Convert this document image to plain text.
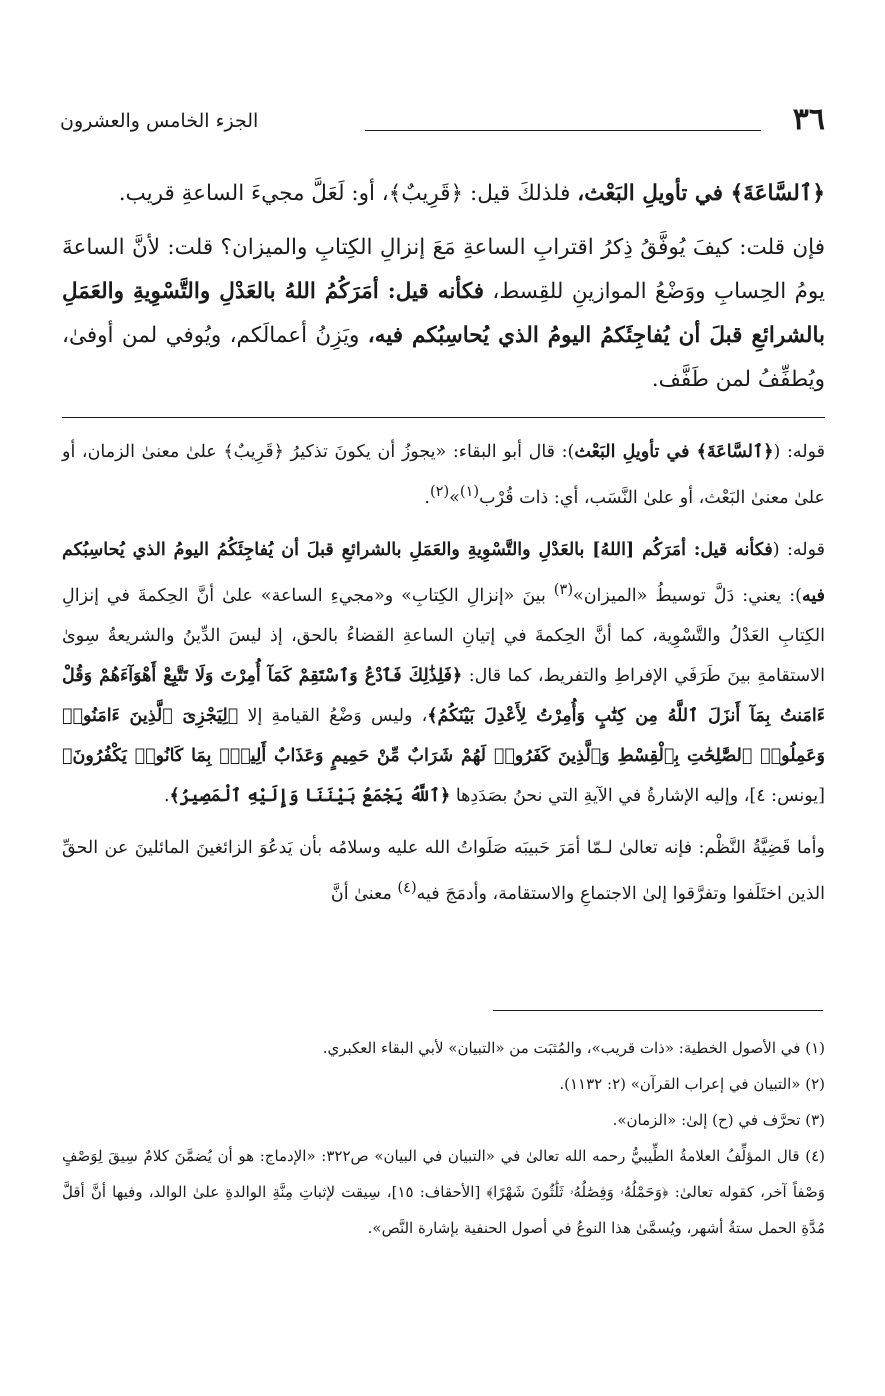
٣٦
الجزء الخامس والعشرون

﴿ٱلسَّاعَةَ﴾ في تأويلِ البَعْث، فلذلكَ قيل: ﴿قَرِيبٌ﴾، أو: لَعَلَّ مجيءَ الساعةِ قريب.

فإن قلت: كيفَ يُوفَّقُ ذِكرُ اقترابِ الساعةِ مَعَ إنزالِ الكِتابِ والميزان؟ قلت: لأنَّ الساعةَ يومُ الحِسابِ ووَضْعُ الموازينِ للقِسط، فكأنه قيل: أمَرَكُمُ اللهُ بالعَدْلِ والتَّسْوِيةِ والعَمَلِ بالشرائعِ قبلَ أن يُفاجِئَكمُ اليومُ الذي يُحاسِبُكم فيه، ويَزِنُ أعمالَكم، ويُوفي لمن أوفىٰ، ويُطفِّفُ لمن طَفَّف.

قوله: (﴿ٱلسَّاعَةَ﴾ في تأويلِ البَعْث): قال أبو البقاء: «يجوزُ أن يكونَ تذكيرُ ﴿قَرِيبٌ﴾ علىٰ معنىٰ الزمان، أو علىٰ معنىٰ البَعْث، أو علىٰ النَّسَب، أي: ذات قُرْب$^{(١)}$»$^{(٢)}$.

قوله: (فكأنه قيل: أمَرَكُم [اللهُ] بالعَدْلِ والتَّسْوِيةِ والعَمَلِ بالشرائعِ قبلَ أن يُفاجِئَكُمُ اليومُ الذي يُحاسِبُكم فيه): يعني: دَلَّ توسيطُ «الميزان»$^{(٣)}$ بينَ «إنزالِ الكِتابِ» و«مجيءِ الساعة» علىٰ أنَّ الحِكمةَ في إنزالِ الكِتابِ العَدْلُ والتَّسْوِية، كما أنَّ الحِكمةَ في إتيانِ الساعةِ القضاءُ بالحق، إذ ليسَ الدِّينُ والشريعةُ سِوىٰ الاستقامةِ بينَ طَرَفَي الإفراطِ والتفريط، كما قال: ﴿فَلِذَٰلِكَ فَٱدْعُ وَٱسْتَقِمْ كَمَآ أُمِرْتَ وَلَا تَتَّبِعْ أَهْوَآءَهُمْ وَقُلْ ءَامَنتُ بِمَآ أَنزَلَ ٱللَّهُ مِن كِتَٰبٍ وَأُمِرْتُ لِأَعْدِلَ بَيْنَكُمُ﴾، وليس وَضْعُ القيامةِ إلا ﴿لِيَجْزِىَ ٱلَّذِينَ ءَامَنُوا۟ وَعَمِلُوا۟ ٱلصَّٰلِحَٰتِ بِٱلْقِسْطِ وَٱلَّذِينَ كَفَرُوا۟ لَهُمْ شَرَابٌ مِّنْ حَمِيمٍ وَعَذَابٌ أَلِيمٌۢ بِمَا كَانُوا۟ يَكْفُرُونَ﴾ [يونس: ٤]، وإليه الإشارةُ في الآيةِ التي نحنُ بصَدَدِها ﴿ٱللَّهُ يَجْمَعُ بَيْنَنَا وَإِلَيْهِ ٱلْمَصِيرُ﴾.

وأما قَضِيَّةُ النَّظْم: فإنه تعالىٰ لـمّا أمَرَ حَبيبَه صَلَواتُ الله عليه وسلامُه بأن يَدعُوَ الزائغينَ المائلينَ عن الحقِّ الذين اختَلَفوا وتفرَّقوا إلىٰ الاجتماعِ والاستقامة، وأدمَجَ فيه$^{(٤)}$ معنىٰ أنَّ

(١) في الأصول الخطية: «ذات قريب»، والمُثبَت من «التبيان» لأبي البقاء العكبري.

(٢) «التبيان في إعراب القرآن» (٢: ١١٣٢).

(٣) تحرَّف في (ح) إلىٰ: «الزمان».

(٤) قال المؤلِّفُ العلامةُ الطِّيبيُّ رحمه الله تعالىٰ في «التبيان في البيان» ص٣٢٢: «الإدماج: هو أن يُضمَّنَ كلامٌ سِيقَ لِوَصْفٍ وَصْفاً آخر، كقوله تعالىٰ: ﴿وَحَمْلُهُۥ وَفِصَٰلُهُۥ ثَلَٰثُونَ شَهْرًا﴾ [الأحقاف: ١٥]، سِيقت لإثباتِ مِنَّةِ الوالدةِ علىٰ الوالد، وفيها أنَّ أقلَّ مُدَّةِ الحمل ستةُ أشهر، ويُسمَّىٰ هذا النوعُ في أصول الحنفية بإشارة النَّص».
